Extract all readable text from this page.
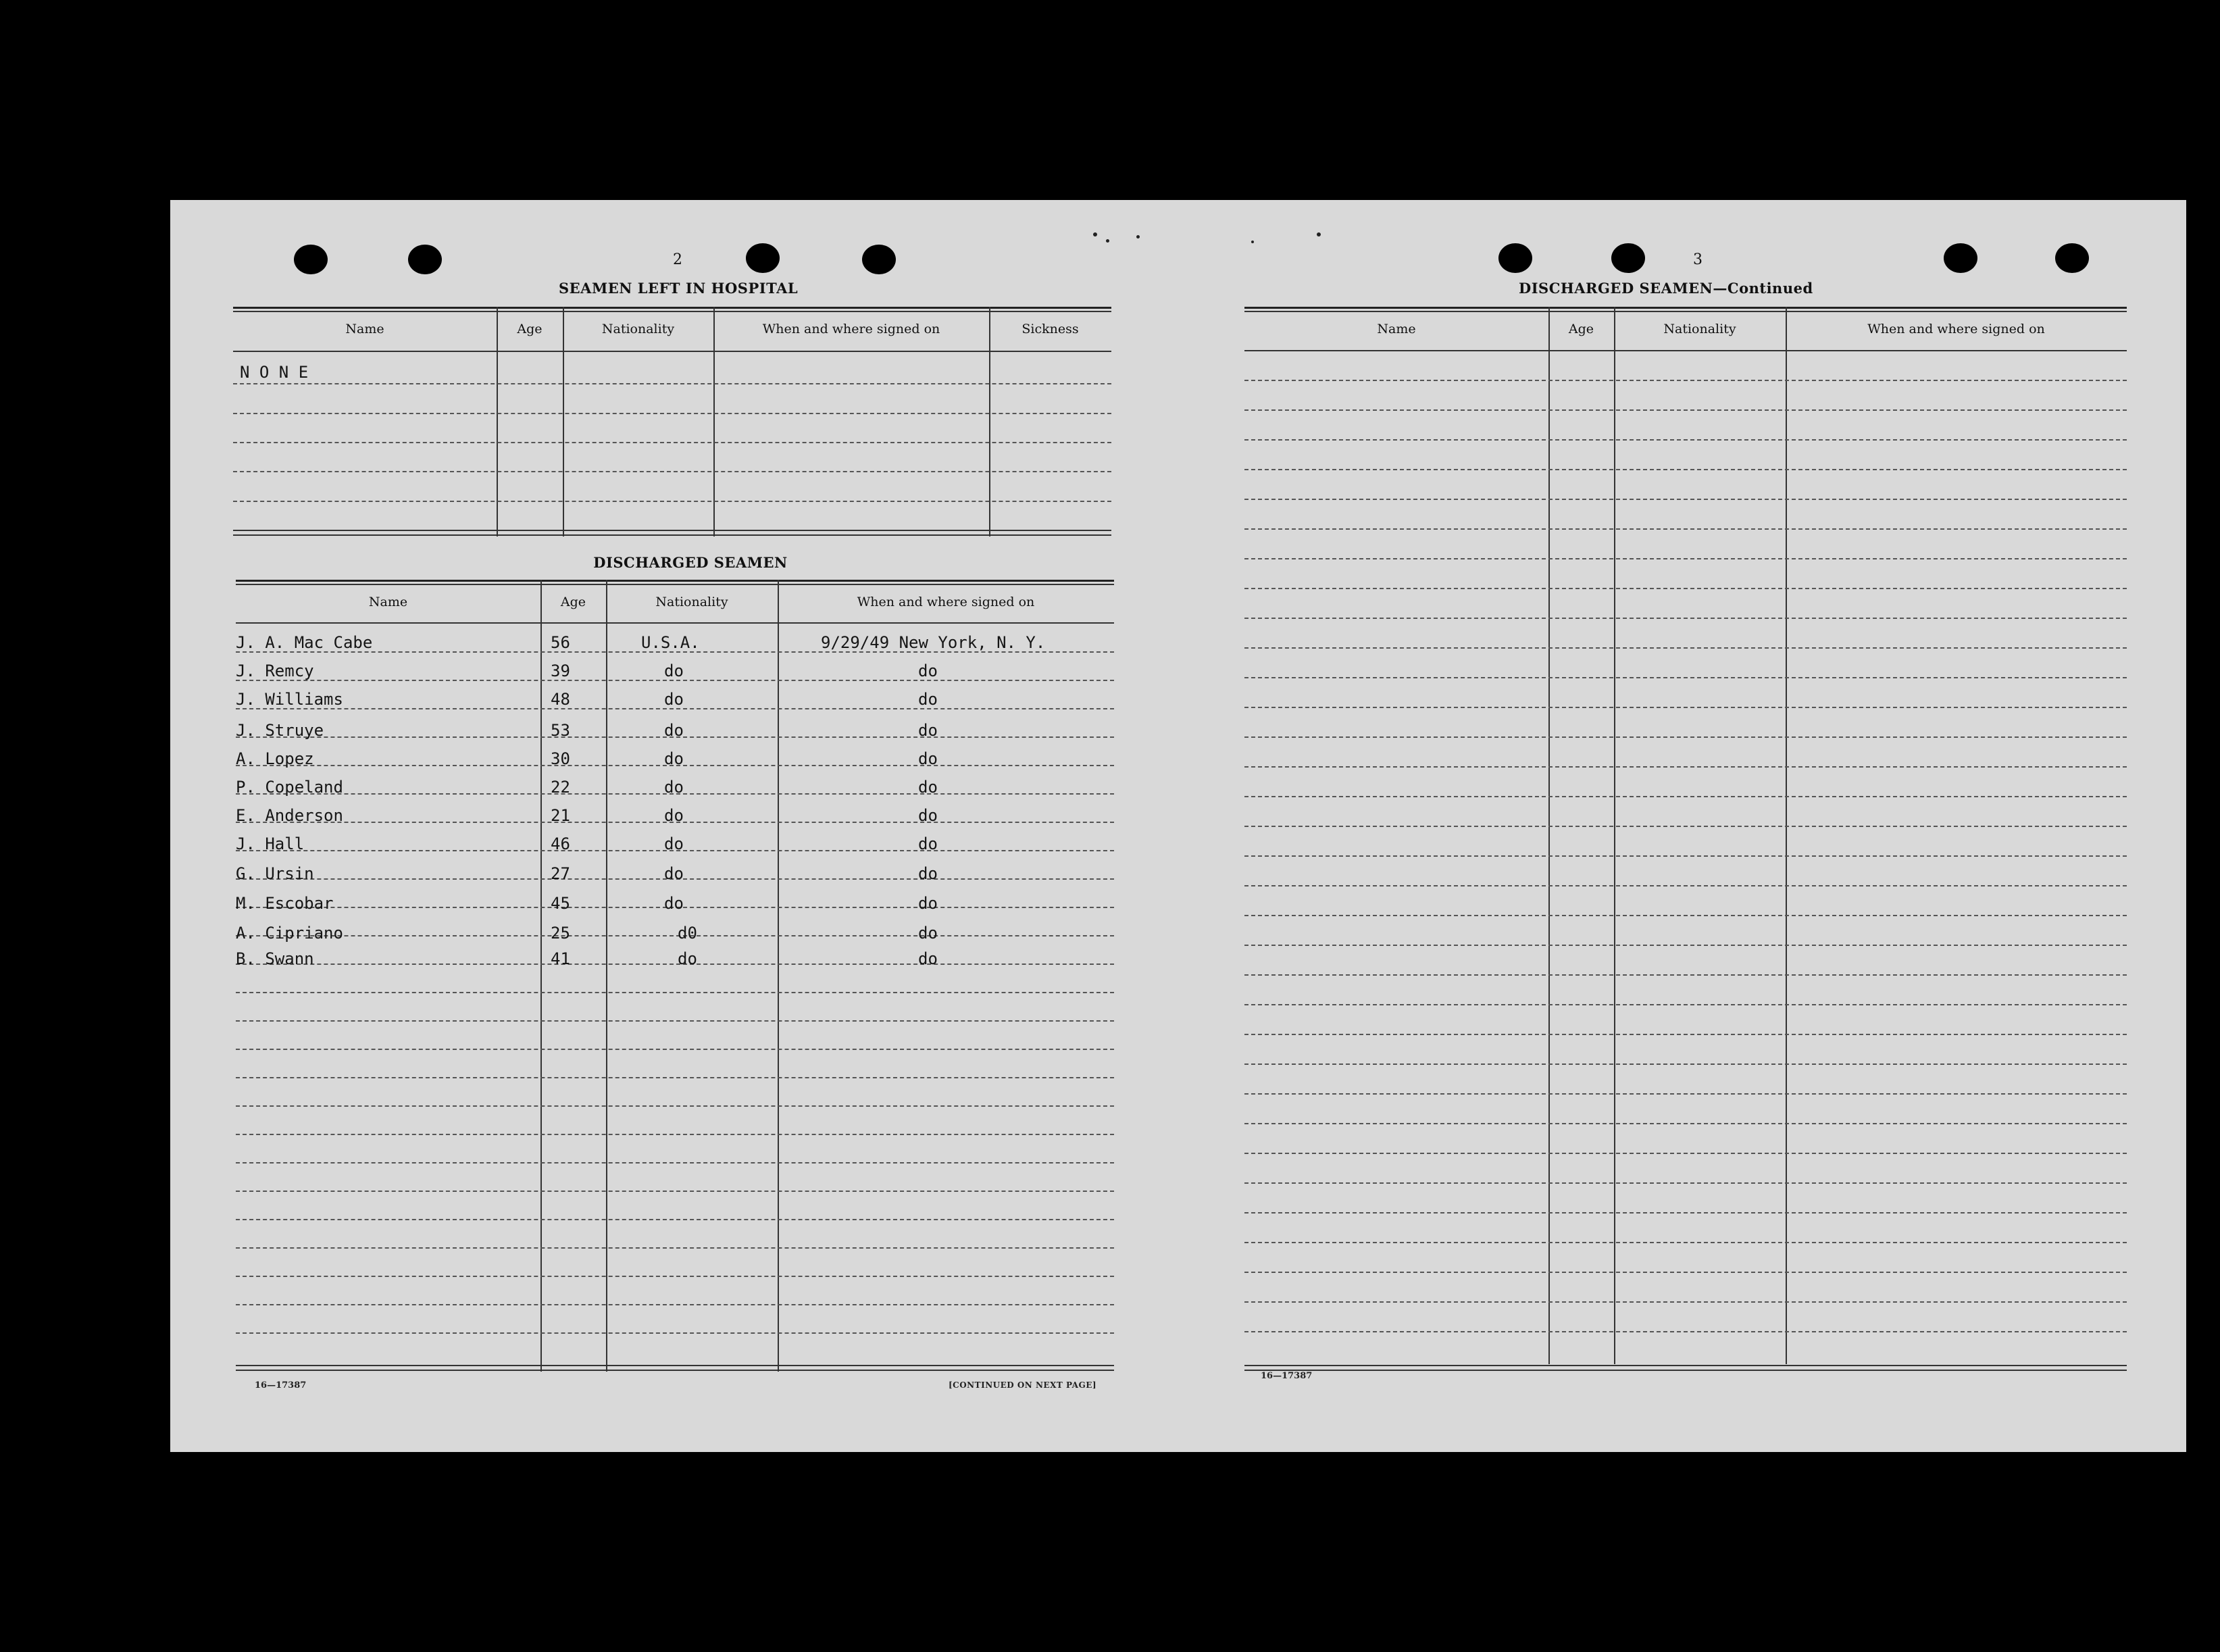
2
SEAMEN LEFT IN HOSPITAL
Name	Age	Nationality	When and where signed on	Sickness
N O N E
DISCHARGED SEAMEN
Name	Age	Nationality	When and where signed on
J. A. Mac Cabe	56	U.S.A.	9/29/49 New York, N. Y.
J. Remcy	39	do	do
J. Williams	48	do	do
J. Struye	53	do	do
A. Lopez	30	do	do
P. Copeland	22	do	do
E. Anderson	21	do	do
J. Hall	46	do	do
G. Ursin	27	do	do
M. Escobar	45	do	do
A. Cipriano	25	d0	do
B. Swann	41	do	do
16—17387	[CONTINUED ON NEXT PAGE]
3
DISCHARGED SEAMEN—Continued
Name	Age	Nationality	When and where signed on
16—17387
